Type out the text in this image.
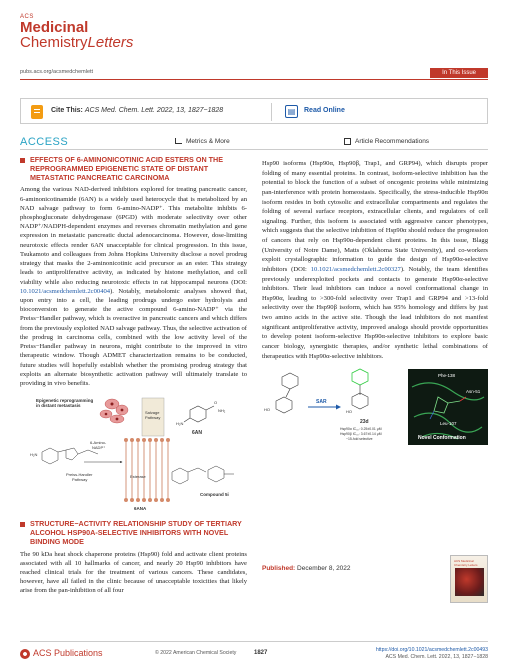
ACS
Medicinal
ChemistryLetters
pubs.acs.org/acsmedchemlett	In This Issue
Cite This: ACS Med. Chem. Lett. 2022, 13, 1827−1828	▤	Read Online
ACCESS	Metrics & More	Article Recommendations
EFFECTS OF 6-AMINONICOTINIC ACID ESTERS ON THE REPROGRAMMED EPIGENETIC STATE OF DISTANT METASTATIC PANCREATIC CARCINOMA
Among the various NAD-derived inhibitors explored for treating pancreatic cancer, 6-aminonicotinamide (6AN) is a widely used heterocycle that is metabolized by an NAD salvage pathway to form 6-amino-NADP⁺. This metabolite inhibits 6-phosphogluconate dehydrogenase (6PGD) with moderate selectivity over other NADP⁺/NADPH-dependent enzymes and reverses chromatin methylation and gene expression in metastatic pancreatic ductal adenocarcinoma. However, dose-limiting neurotoxic effects render 6AN unacceptable for clinical progression. In this issue, Tsukamoto and colleagues from Johns Hopkins University disclose a novel prodrug strategy that masks the 2-aminonicotinic acid precursor as an ester. This strategy leads to antiproliferative activity, as indicated by histone methylation, and cell viability while also reducing neurotoxic effects in rat hippocampal neurons (DOI: 10.1021/acsmedchemlett.2c00404). Notably, metabolomic analyses showed that, upon entry into a cell, the leading prodrugs undergo ester hydrolysis and bioconversion to generate the active compound 6-amino-NADP⁺ via the Preiss−Handler pathway, which is overactive in pancreatic cancers and which differs from the previously exploited NAD salvage pathway. Thus, the selective activation of the prodrug in carcinoma cells, combined with the low activity level of the Preiss−Handler pathway in neurons, might contribute to the improved in vitro therapeutic window. Though ADMET characterization remains to be conducted, future studies will hopefully establish whether the promising prodrug strategy that exploits an alternate biosynthetic activation pathway will ultimately translate to providing in vivo benefits.
Epigenetic reprogramming
in distant metastasis
Salvage
Pathway
O
H₂N
NH₂
6AN
H₂N
6-Amino-
NADP⁺
Preiss-Handler
Pathway
Esterase
6ANA
Compound 5i
STRUCTURE−ACTIVITY RELATIONSHIP STUDY OF TERTIARY ALCOHOL HSP90Α-SELECTIVE INHIBITORS WITH NOVEL BINDING MODE
The 90 kDa heat shock chaperone proteins (Hsp90) fold and activate client proteins associated with all 10 hallmarks of cancer, and nearly 20 Hsp90 inhibitors have reached clinical trials for the treatment of various cancers. These candidates, however, have all failed in the clinic because of unacceptable toxicities that likely arise from the pan-inhibition of all four
Hsp90 isoforms (Hsp90α, Hsp90β, Trap1, and GRP94), which disrupts proper folding of many essential proteins. In contrast, isoform-selective inhibition has the potential to block the function of a subset of oncogenic proteins while minimizing pan-interference with protein homeostasis. Specifically, the stress-inducible Hsp90α isoform resides in both cytosolic and extracellular compartments and regulates the folding of several surface receptors, extracellular clients, and regulators of cell signaling. Further, this isoform is associated with aggressive cancer phenotypes, which suggests that the selective inhibition of Hsp90α should reduce the progression of cancers that rely on Hsp90α-dependent client proteins. In this issue, Blagg (University of Notre Dame), Matts (Oklahoma State University), and co-workers exploit crystallographic information to guide the design of Hsp90α-selective inhibitors (DOI: 10.1021/acsmedchemlett.2c00327). Notably, the team identifies previously underexploited pockets and contacts to generate Hsp90α-selective inhibitors. Their lead inhibitors can induce a novel conformational change in Hsp90α, leading to >300-fold selectivity over Trap1 and GRP94 and >13-fold selectivity over the Hsp90β isoform, which has 95% homology and differs by just two amino acids in the active site. Though the lead inhibitors do not manifest significant antiproliferative activity, improved analogs should provide opportunities to develop potent isoform-selective Hsp90α-selective inhibitors to explore basic cancer biology, synergistic therapies, and/or synthetic lethal combinations of therapeutics with Hsp90α-selective inhibitors.
HO
SAR
HO
23d
Hsp90α IC₅₀: 0.25±0.01 μM
Hsp90β IC₅₀: 3.67±0.14 μM
~15-fold selective
Phe-138
Asn-51
Leu-107
Novel Conformation
Published: December 8, 2022
ACS Medicinal Chemistry Letters
ACS Publications	© 2022 American Chemical Society	1827	https://doi.org/10.1021/acsmedchemlett.2c00493
ACS Med. Chem. Lett. 2022, 13, 1827−1828
